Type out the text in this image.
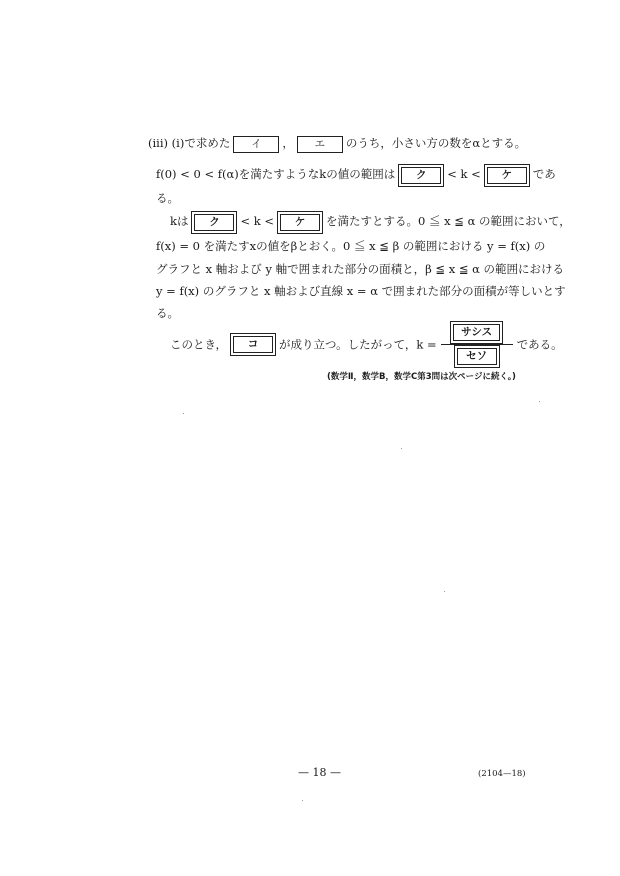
(iii) (i)で求めた イ ， エ のうち，小さい方の数をαとする。
f(0) < 0 < f(α)を満たすようなkの値の範囲は ク < k < ケ であ
る。
kは ク < k < ケ を満たすとする。0 ≦ x ≦ α の範囲において，
f(x) = 0 を満たすxの値をβとおく。0 ≦ x ≦ β の範囲における y = f(x) の
グラフと x 軸および y 軸で囲まれた部分の面積と，β ≦ x ≦ α の範囲における
y = f(x) のグラフと x 軸および直線 x = α で囲まれた部分の面積が等しいとす
る。
このとき， コ が成り立つ。したがって，$k = \frac{\text{サシス}}{\text{セソ}}$ である。
(数学Ⅱ，数学B，数学C第3問は次ページに続く。)
— 18 —	(2104—18)
